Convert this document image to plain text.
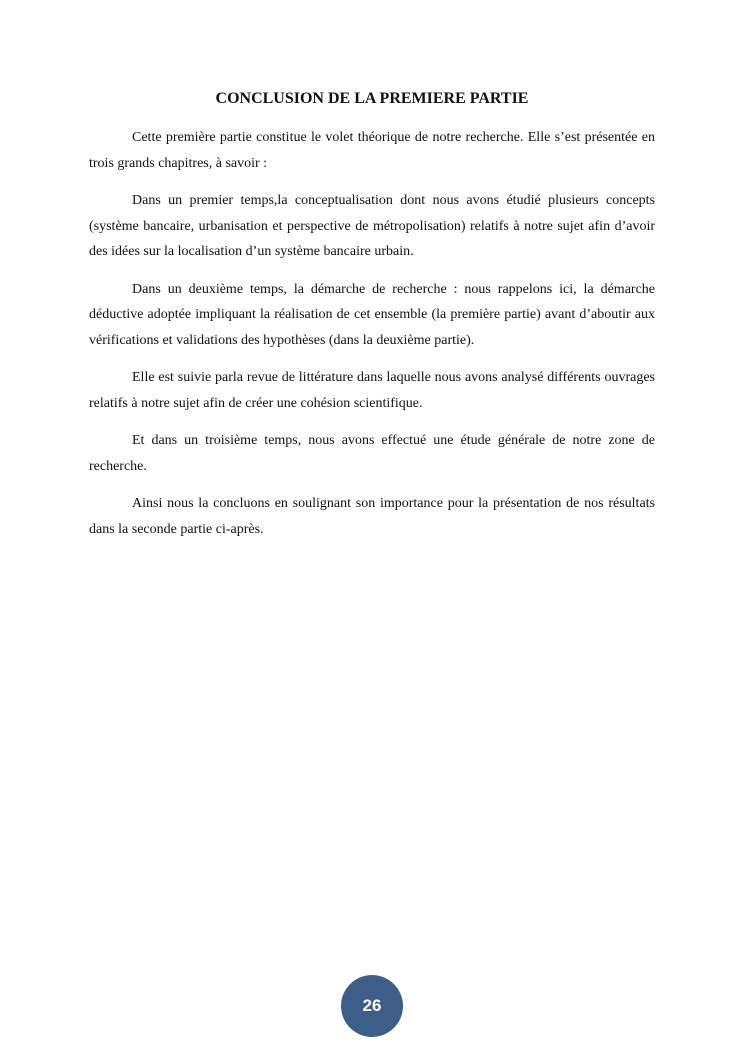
CONCLUSION DE LA PREMIERE PARTIE

Cette première partie constitue le volet théorique de notre recherche. Elle s’est présentée en trois grands chapitres, à savoir :

Dans un premier temps,la conceptualisation dont nous avons étudié plusieurs concepts (système bancaire, urbanisation et perspective de métropolisation) relatifs à notre sujet afin d’avoir des idées sur la localisation d’un système bancaire urbain.

Dans un deuxième temps, la démarche de recherche : nous rappelons ici, la démarche déductive adoptée impliquant la réalisation de cet ensemble (la première partie) avant d’aboutir aux vérifications et validations des hypothèses (dans la deuxième partie).

Elle est suivie parla revue de littérature dans laquelle nous avons analysé différents ouvrages relatifs à notre sujet afin de créer une cohésion scientifique.

Et dans un troisième temps, nous avons effectué une étude générale de notre zone de recherche.

Ainsi nous la concluons en soulignant son importance pour la présentation de nos résultats dans la seconde partie ci-après.

26
